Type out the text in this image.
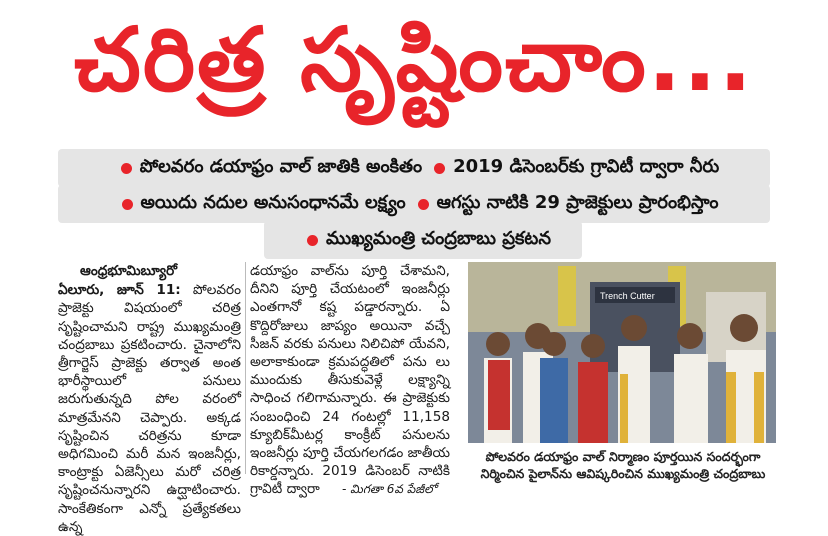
చరిత్ర సృష్టించాం...
పోలవరం డయాఫ్రం వాల్‌ జాతికి అంకితం 2019 డిసెంబర్‌కు గ్రావిటీ ద్వారా నీరు
అయిదు నదుల అనుసంధానమే లక్ష్యం ఆగస్టు నాటికి 29 ప్రాజెక్టులు ప్రారంభిస్తాం
ముఖ్యమంత్రి చంద్రబాబు ప్రకటన
ఆంధ్రభూమిబ్యూరో
ఏలూరు, జూన్‌ 11: పోలవరం ప్రాజెక్టు విషయంలో చరిత్ర సృష్టించామని రాష్ట్ర ముఖ్యమంత్రి చంద్రబాబు ప్రకటించారు. చైనాలోని త్రీగార్జెస్‌ ప్రాజెక్టు తర్వాత అంత భారీస్థాయిలో పనులు జరుగుతున్నది పోల వరంలో మాత్రమేనని చెప్పారు. అక్కడ సృష్టించిన చరిత్రను కూడా అధిగమించి మరీ మన ఇంజనీర్లు, కాంట్రాక్టు ఏజెన్సీలు మరో చరిత్ర సృష్టించనున్నారని ఉద్ఘాటించారు. సాంకేతికంగా ఎన్నో ప్రత్యేకతలు ఉన్న
డయాఫ్రం వాల్‌ను పూర్తి చేశామని, దీనిని పూర్తి చేయటంలో ఇంజనీర్లు ఎంతగానో కష్ట పడ్డారన్నారు. ఏ కొద్దిరోజులు జాప్యం అయినా వచ్చే సీజన్‌ వరకు పనులు నిలిచిపో యేవని, అలాకాకుండా క్రమపద్ధతిలో పను లు ముందుకు తీసుకువెళ్లే లక్ష్యాన్ని సాధించ గలిగామన్నారు. ఈ ప్రాజెక్టుకు సంబంధించి 24 గంటల్లో 11,158 క్యూబిక్‌మీటర్ల కాంక్రీట్‌ పనులను ఇంజనీర్లు పూర్తి చేయగలగడం జాతీయ రికార్డన్నారు. 2019 డిసెంబర్‌ నాటికి గ్రావిటీ ద్వారా - మిగతా 6వ పేజీలో
Trench Cutter
పోలవరం డయాఫ్రం వాల్‌ నిర్మాణం పూర్తయిన సందర్భంగా నిర్మించిన పైలాన్‌ను ఆవిష్కరించిన ముఖ్యమంత్రి చంద్రబాబు
